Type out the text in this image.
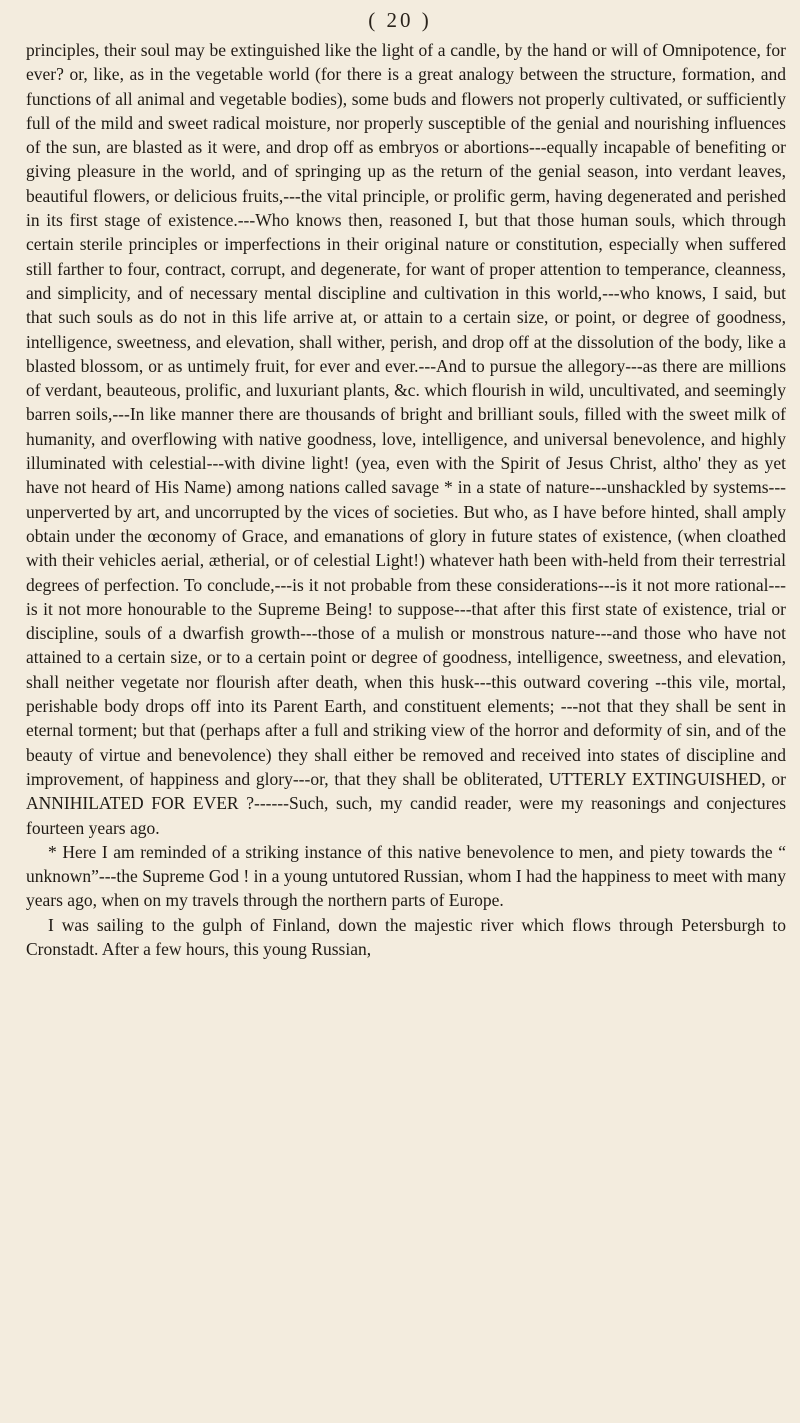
( 20 )

principles, their soul may be extinguished like the light of a candle, by the hand or will of Omnipotence, for ever? or, like, as in the vegetable world (for there is a great analogy between the structure, formation, and functions of all animal and vegetable bodies), some buds and flowers not properly cultivated, or sufficiently full of the mild and sweet radical moisture, nor properly susceptible of the genial and nourishing influences of the sun, are blasted as it were, and drop off as embryos or abortions---equally incapable of benefiting or giving pleasure in the world, and of springing up as the return of the genial season, into verdant leaves, beautiful flowers, or delicious fruits,---the vital principle, or prolific germ, having degenerated and perished in its first stage of existence.---Who knows then, reasoned I, but that those human souls, which through certain sterile principles or imperfections in their original nature or constitution, especially when suffered still farther to four, contract, corrupt, and degenerate, for want of proper attention to temperance, cleanness, and simplicity, and of necessary mental discipline and cultivation in this world,---who knows, I said, but that such souls as do not in this life arrive at, or attain to a certain size, or point, or degree of goodness, intelligence, sweetness, and elevation, shall wither, perish, and drop off at the dissolution of the body, like a blasted blossom, or as untimely fruit, for ever and ever.---And to pursue the allegory---as there are millions of verdant, beauteous, prolific, and luxuriant plants, &c. which flourish in wild, uncultivated, and seemingly barren soils,---In like manner there are thousands of bright and brilliant souls, filled with the sweet milk of humanity, and overflowing with native goodness, love, intelligence, and universal benevolence, and highly illuminated with celestial---with divine light! (yea, even with the Spirit of Jesus Christ, altho' they as yet have not heard of His Name) among nations called savage * in a state of nature---unshackled by systems---unperverted by art, and uncorrupted by the vices of societies. But who, as I have before hinted, shall amply obtain under the œconomy of Grace, and emanations of glory in future states of existence, (when cloathed with their vehicles aerial, ætherial, or of celestial Light!) whatever hath been with-held from their terrestrial degrees of perfection. To conclude,---is it not probable from these considerations---is it not more rational---is it not more honourable to the Supreme Being! to suppose---that after this first state of existence, trial or discipline, souls of a dwarfish growth---those of a mulish or monstrous nature---and those who have not attained to a certain size, or to a certain point or degree of goodness, intelligence, sweetness, and elevation, shall neither vegetate nor flourish after death, when this husk---this outward covering --this vile, mortal, perishable body drops off into its Parent Earth, and constituent elements; ---not that they shall be sent in eternal torment; but that (perhaps after a full and striking view of the horror and deformity of sin, and of the beauty of virtue and benevolence) they shall either be removed and received into states of discipline and improvement, of happiness and glory---or, that they shall be obliterated, UTTERLY EXTINGUISHED, or ANNIHILATED FOR EVER ?------Such, such, my candid reader, were my reasonings and conjectures fourteen years ago.

* Here I am reminded of a striking instance of this native benevolence to men, and piety towards the “ unknown”---the Supreme God ! in a young untutored Russian, whom I had the happiness to meet with many years ago, when on my travels through the northern parts of Europe.

I was sailing to the gulph of Finland, down the majestic river which flows through Petersburgh to Cronstadt. After a few hours, this young Russian,
